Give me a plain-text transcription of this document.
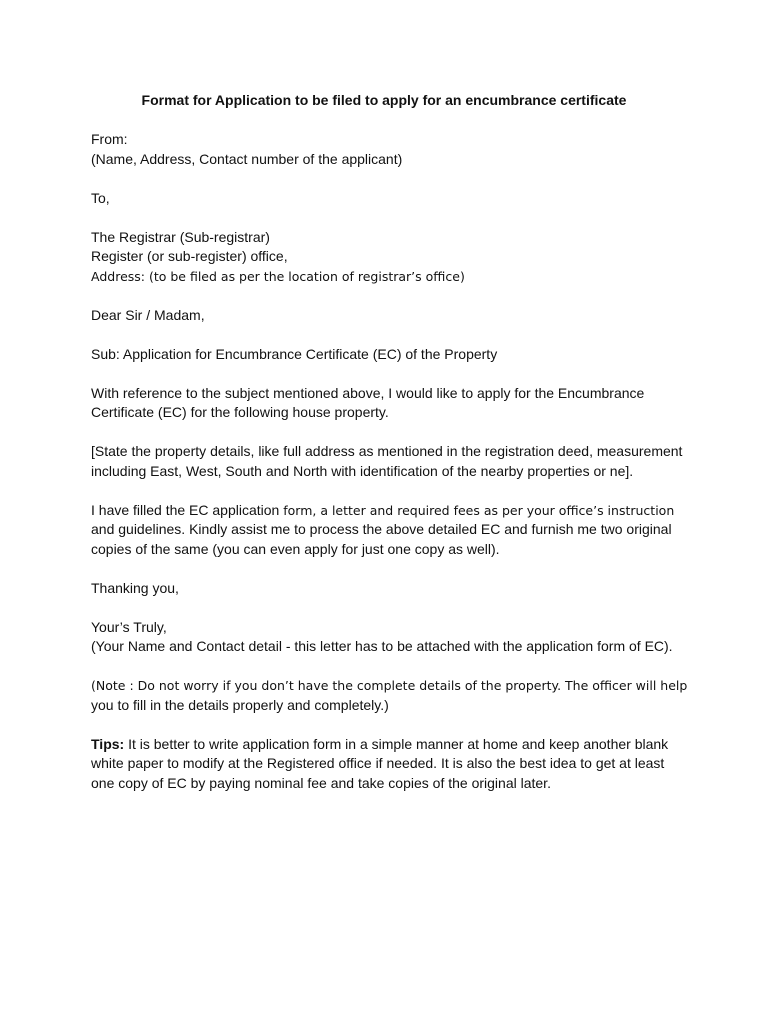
Format for Application to be filed to apply for an encumbrance certificate
From:
(Name, Address, Contact number of the applicant)
To,
The Registrar (Sub-registrar)
Register (or sub-register) office,
Address: (to be filed as per the location of registrar’s office)
Dear Sir / Madam,
Sub: Application for Encumbrance Certificate (EC) of the Property
With reference to the subject mentioned above, I would like to apply for the Encumbrance
Certificate (EC) for the following house property.
[State the property details, like full address as mentioned in the registration deed, measurement
including East, West, South and North with identification of the nearby properties or ne].
I have filled the EC application form, a letter and required fees as per your office’s instruction
and guidelines. Kindly assist me to process the above detailed EC and furnish me two original
copies of the same (you can even apply for just one copy as well).
Thanking you,
Your’s Truly,
(Your Name and Contact detail - this letter has to be attached with the application form of EC).
(Note : Do not worry if you don’t have the complete details of the property. The officer will help
you to fill in the details properly and completely.)
Tips: It is better to write application form in a simple manner at home and keep another blank
white paper to modify at the Registered office if needed. It is also the best idea to get at least
one copy of EC by paying nominal fee and take copies of the original later.
